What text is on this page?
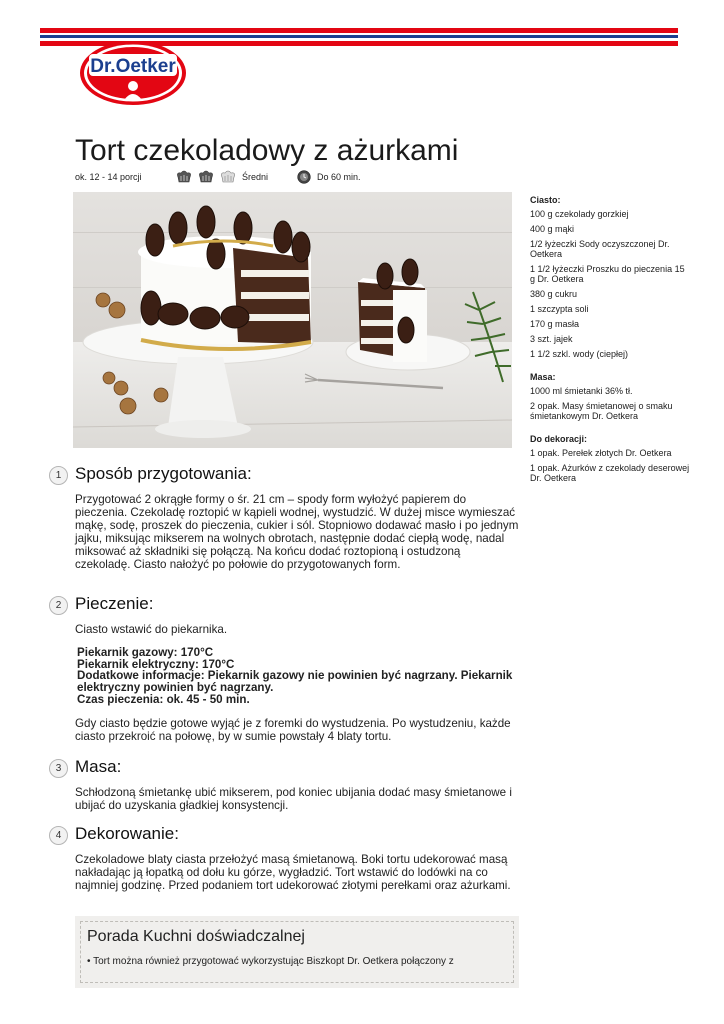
Dr.Oetker
Tort czekoladowy z ażurkami
ok. 12 - 14 porcji	Średni	Do 60 min.
Ciasto:
100 g czekolady gorzkiej
400 g mąki
1/2 łyżeczki Sody oczyszczonej Dr. Oetkera
1 1/2 łyżeczki Proszku do pieczenia 15 g Dr. Oetkera
380 g cukru
1 szczypta soli
170 g masła
3 szt. jajek
1 1/2 szkl. wody (ciepłej)
Masa:
1000 ml śmietanki 36% tł.
2 opak. Masy śmietanowej o smaku śmietankowym Dr. Oetkera
Do dekoracji:
1 opak. Perełek złotych Dr. Oetkera
1 opak. Ażurków z czekolady deserowej Dr. Oetkera
1 Sposób przygotowania:

Przygotować 2 okrągłe formy o śr. 21 cm – spody form wyłożyć papierem do pieczenia. Czekoladę roztopić w kąpieli wodnej, wystudzić. W dużej misce wymieszać mąkę, sodę, proszek do pieczenia, cukier i sól. Stopniowo dodawać masło i po jednym jajku, miksując mikserem na wolnych obrotach, następnie dodać ciepłą wodę, nadal miksować aż składniki się połączą. Na końcu dodać roztopioną i ostudzoną czekoladę. Ciasto nałożyć po połowie do przygotowanych form.

2 Pieczenie:

Ciasto wstawić do piekarnika.

Piekarnik gazowy: 170°C
Piekarnik elektryczny: 170°C
Dodatkowe informacje: Piekarnik gazowy nie powinien być nagrzany. Piekarnik elektryczny powinien być nagrzany.
Czas pieczenia: ok. 45 - 50 min.

Gdy ciasto będzie gotowe wyjąć je z foremki do wystudzenia. Po wystudzeniu, każde ciasto przekroić na połowę, by w sumie powstały 4 blaty tortu.

3 Masa:

Schłodzoną śmietankę ubić mikserem, pod koniec ubijania dodać masy śmietanowe i ubijać do uzyskania gładkiej konsystencji.

4 Dekorowanie:

Czekoladowe blaty ciasta przełożyć masą śmietanową. Boki tortu udekorować masą nakładając ją łopatką od dołu ku górze, wygładzić. Tort wstawić do lodówki na co najmniej godzinę. Przed podaniem tort udekorować złotymi perełkami oraz ażurkami.

Porada Kuchni doświadczalnej
• Tort można również przygotować wykorzystując Biszkopt Dr. Oetkera połączony z
